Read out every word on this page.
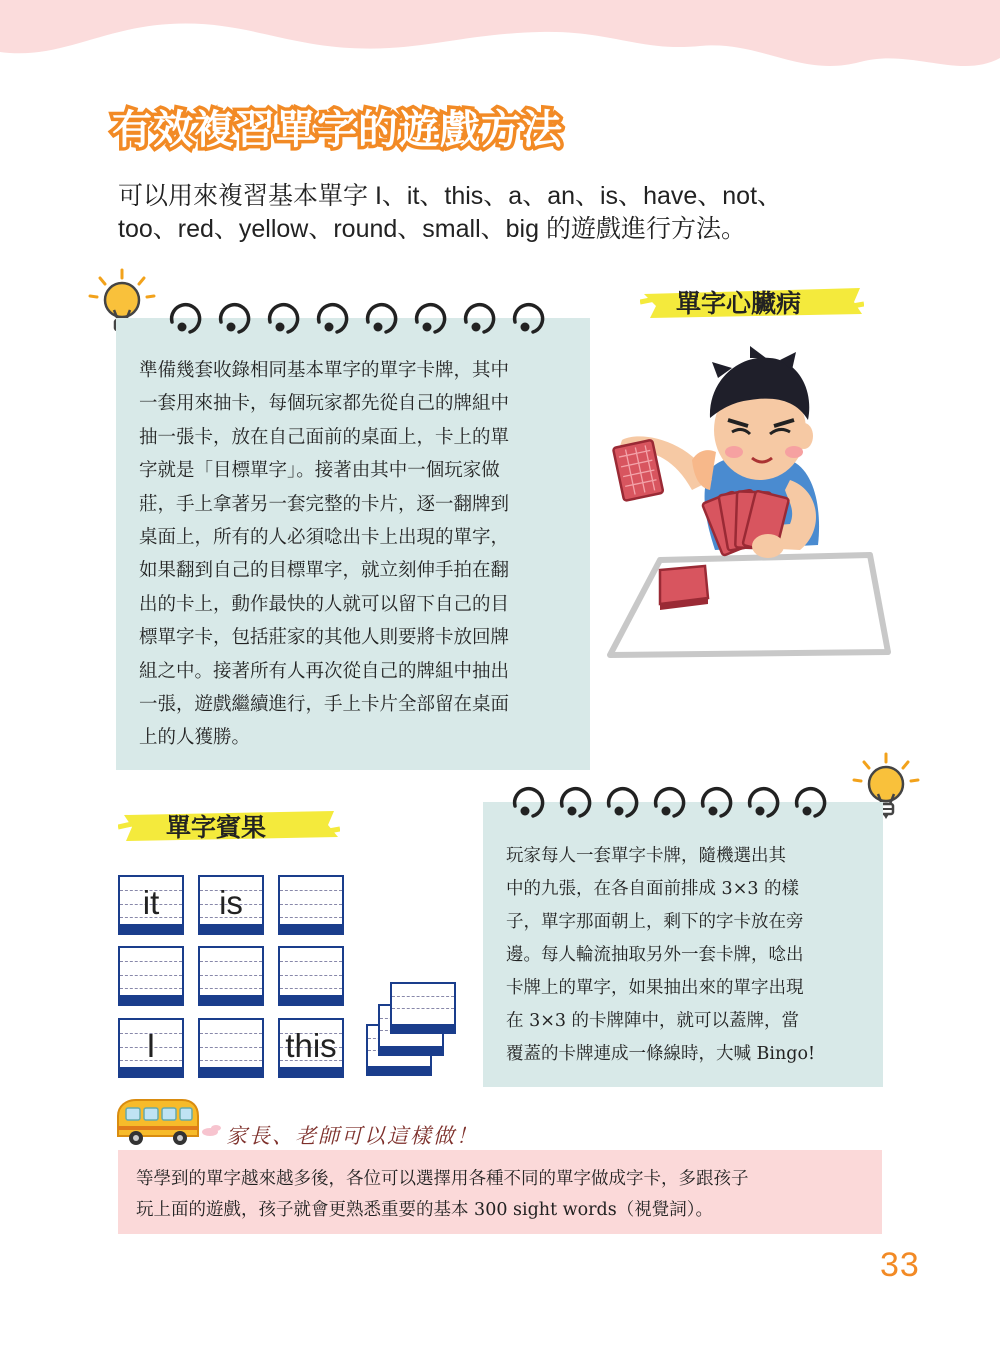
有效複習單字的遊戲方法
可以用來複習基本單字 I、it、this、a、an、is、have、not、
too、red、yellow、round、small、big 的遊戲進行方法。
準備幾套收錄相同基本單字的單字卡牌，其中
一套用來抽卡，每個玩家都先從自己的牌組中
抽一張卡，放在自己面前的桌面上，卡上的單
字就是「目標單字」。接著由其中一個玩家做
莊，手上拿著另一套完整的卡片，逐一翻牌到
桌面上，所有的人必須唸出卡上出現的單字，
如果翻到自己的目標單字，就立刻伸手拍在翻
出的卡上，動作最快的人就可以留下自己的目
標單字卡，包括莊家的其他人則要將卡放回牌
組之中。接著所有人再次從自己的牌組中抽出
一張，遊戲繼續進行，手上卡片全部留在桌面
上的人獲勝。
單字心臟病
玩家每人一套單字卡牌，隨機選出其
中的九張，在各自面前排成 3×3 的樣
子，單字那面朝上，剩下的字卡放在旁
邊。每人輪流抽取另外一套卡牌，唸出
卡牌上的單字，如果抽出來的單字出現
在 3×3 的卡牌陣中，就可以蓋牌，當
覆蓋的卡牌連成一條線時，大喊 Bingo!
單字賓果
it	is
I	this
家長、老師可以這樣做！
等學到的單字越來越多後，各位可以選擇用各種不同的單字做成字卡，多跟孩子
玩上面的遊戲，孩子就會更熟悉重要的基本 300 sight words（視覺詞）。
33
